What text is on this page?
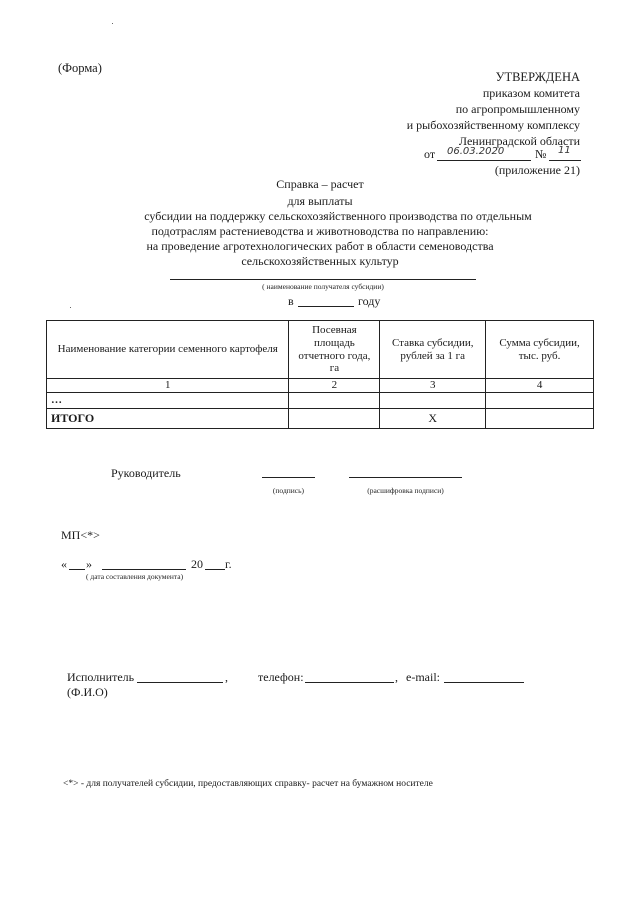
(Форма)
УТВЕРЖДЕНА
приказом комитета
по агропромышленному
и рыбохозяйственному комплексу
Ленинградской области
от 06.03.2020	№ 11
(приложение 21)
Справка – расчет
для выплаты
субсидии на поддержку сельскохозяйственного производства по отдельным
подотраслям растениеводства и животноводства по направлению:
на проведение агротехнологических работ в области семеноводства
сельскохозяйственных культур
( наименование получателя субсидии)
в	году
Наименование категории семенного картофеля	Посевная площадь отчетного года, га	Ставка субсидии, рублей за 1 га	Сумма субсидии, тыс. руб.
1	2	3	4
…			
ИТОГО		Х	
Руководитель
(подпись)	(расшифровка подписи)
МП<*>
« »	20 г.
( дата составления документа)
Исполнитель	,	телефон:	, e-mail:
(Ф.И.О)
<*> - для получателей субсидии, предоставляющих справку- расчет на бумажном носителе
